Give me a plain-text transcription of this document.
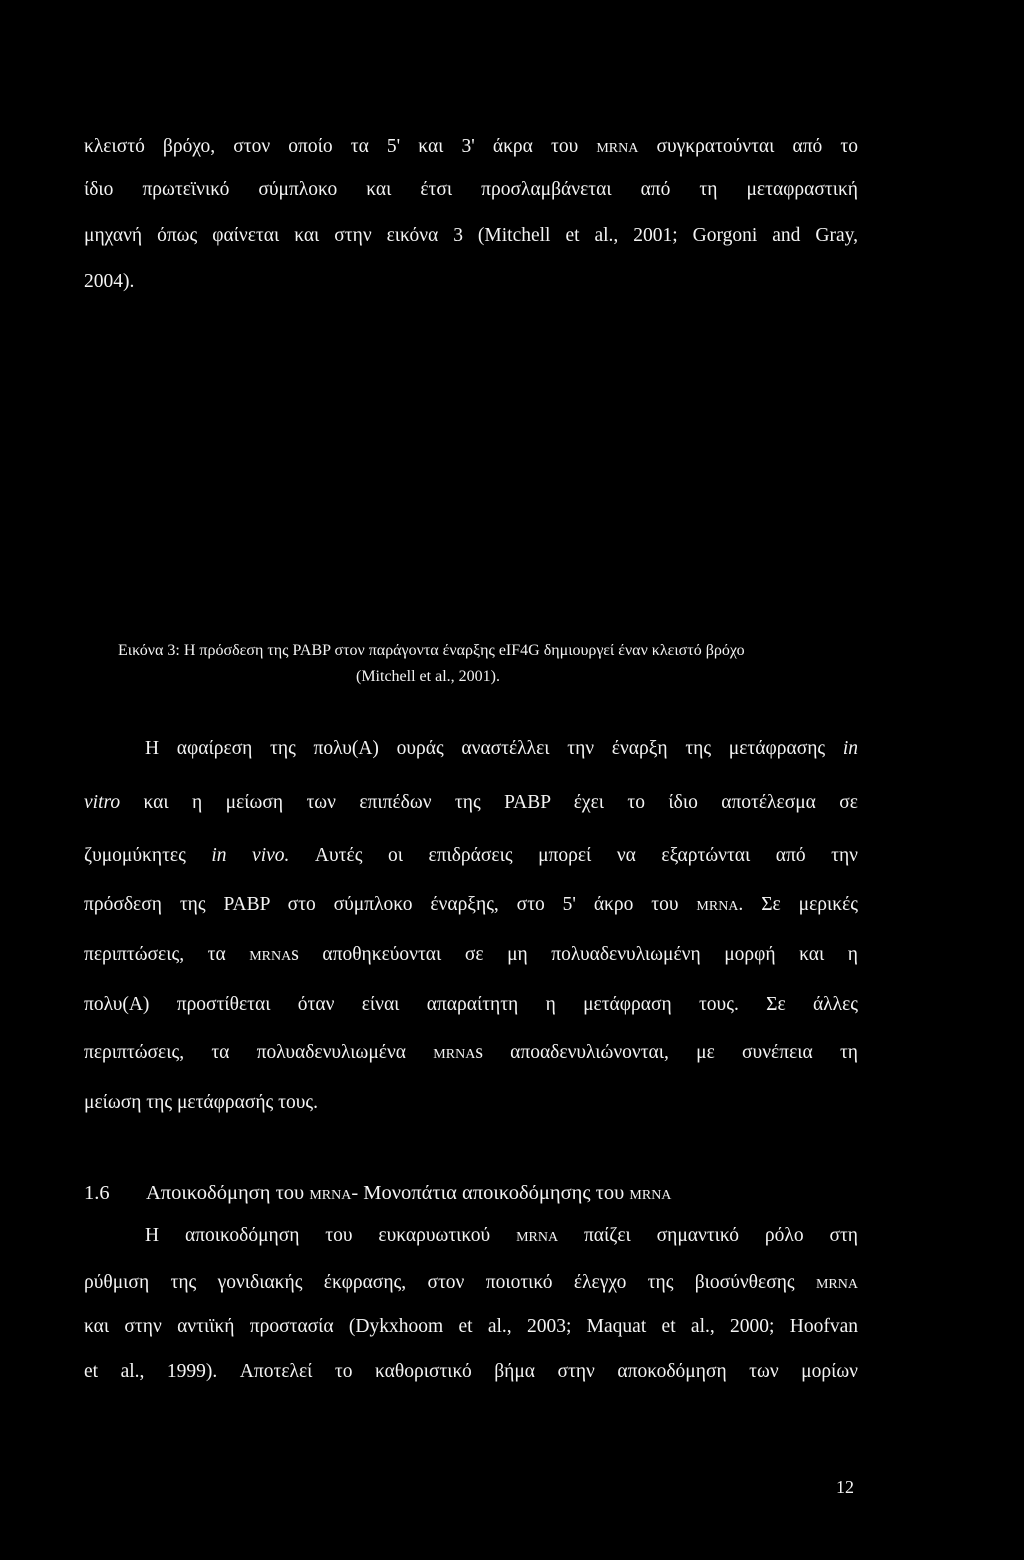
κλειστό βρόχο, στον οποίο τα 5' και 3' άκρα του mrna συγκρατούνται από το
ίδιο πρωτεϊνικό σύμπλοκο και έτσι προσλαμβάνεται από τη μεταφραστική
μηχανή όπως φαίνεται και στην εικόνα 3 (Mitchell et al., 2001; Gorgoni and Gray,
2004).
Εικόνα 3: Η πρόσδεση της PABP στον παράγοντα έναρξης eIF4G δημιουργεί έναν κλειστό βρόχο
(Mitchell et al., 2001).
Η αφαίρεση της πολυ(Α) ουράς αναστέλλει την έναρξη της μετάφρασης in
vitro και η μείωση των επιπέδων της PABP έχει το ίδιο αποτέλεσμα σε
ζυμομύκητες in vivo. Αυτές οι επιδράσεις μπορεί να εξαρτώνται από την
πρόσδεση της PABP στο σύμπλοκο έναρξης, στο 5' άκρο του mrna. Σε μερικές
περιπτώσεις, τα mrnas αποθηκεύονται σε μη πολυαδενυλιωμένη μορφή και η
πολυ(Α) προστίθεται όταν είναι απαραίτητη η μετάφραση τους. Σε άλλες
περιπτώσεις, τα πολυαδενυλιωμένα mrnas αποαδενυλιώνονται, με συνέπεια τη
μείωση της μετάφρασής τους.
1.6	Αποικοδόμηση του mrna- Μονοπάτια αποικοδόμησης του mrna
Η αποικοδόμηση του ευκαρυωτικού mrna παίζει σημαντικό ρόλο στη
ρύθμιση της γονιδιακής έκφρασης, στον ποιοτικό έλεγχο της βιοσύνθεσης mrna
και στην αντιϊκή προστασία (Dykxhoom et al., 2003; Maquat et al., 2000; Hoofvan
et al., 1999). Αποτελεί το καθοριστικό βήμα στην αποκοδόμηση των μορίων
12
